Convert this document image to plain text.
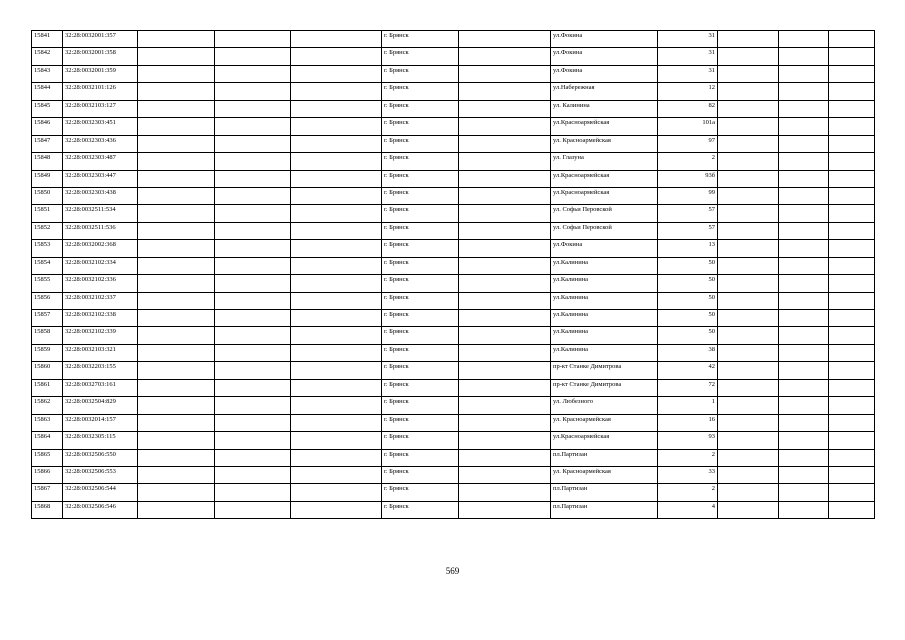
15841	32:28:0032001:357				г. Брянск		ул.Фокина	31			
15842	32:28:0032001:358				г. Брянск		ул.Фокина	31			
15843	32:28:0032001:359				г. Брянск		ул.Фокина	31			
15844	32:28:0032101:126				г. Брянск		ул.Набережная	12			
15845	32:28:0032103:127				г. Брянск		ул. Калинина	82			
15846	32:28:0032303:451				г. Брянск		ул.Красноармейская	101а			
15847	32:28:0032303:436				г. Брянск		ул. Красноармейская	97			
15848	32:28:0032303:487				г. Брянск		ул. Глазуна	2			
15849	32:28:0032303:447				г. Брянск		ул.Красноармейская	93б			
15850	32:28:0032303:438				г. Брянск		ул.Красноармейская	99			
15851	32:28:0032511:534				г. Брянск		ул. Софьи Перовской	57			
15852	32:28:0032511:536				г. Брянск		ул. Софьи Перовской	57			
15853	32:28:0032002:368				г. Брянск		ул.Фокина	13			
15854	32:28:0032102:334				г. Брянск		ул.Калинина	50			
15855	32:28:0032102:336				г. Брянск		ул.Калинина	50			
15856	32:28:0032102:337				г. Брянск		ул.Калинина	50			
15857	32:28:0032102:338				г. Брянск		ул.Калинина	50			
15858	32:28:0032102:339				г. Брянск		ул.Калинина	50			
15859	32:28:0032103:321				г. Брянск		ул.Калинина	38			
15860	32:28:0032203:155				г. Брянск		пр-кт Станке Димитрова	42			
15861	32:28:0032703:161				г. Брянск		пр-кт Станке Димитрова	72			
15862	32:28:0032504:829				г. Брянск		ул. Любезного	1			
15863	32:28:0032014:157				г. Брянск		ул. Красноармейская	16			
15864	32:28:0032305:115				г. Брянск		ул.Красноармейская	93			
15865	32:28:0032506:550				г. Брянск		пл.Партизан	2			
15866	32:28:0032506:553				г. Брянск		ул. Красноармейская	33			
15867	32:28:0032506:544				г. Брянск		пл.Партизан	2			
15868	32:28:0032506:546				г. Брянск		пл.Партизан	4			
569
